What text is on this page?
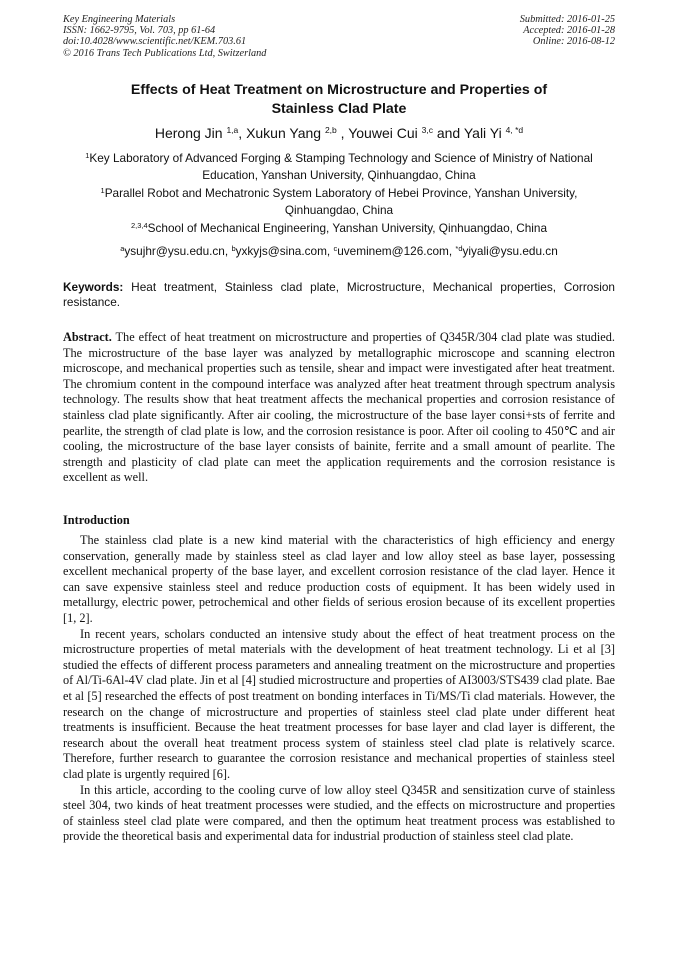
Key Engineering Materials
ISSN: 1662-9795, Vol. 703, pp 61-64
doi:10.4028/www.scientific.net/KEM.703.61
© 2016 Trans Tech Publications Ltd, Switzerland
Submitted: 2016-01-25
Accepted: 2016-01-28
Online: 2016-08-12
Effects of Heat Treatment on Microstructure and Properties of
Stainless Clad Plate
Herong Jin $^{1,a}$, Xukun Yang $^{2,b}$ , Youwei Cui $^{3,c}$ and Yali Yi $^{4, *d}$
$^1$Key Laboratory of Advanced Forging & Stamping Technology and Science of Ministry of National
Education, Yanshan University, Qinhuangdao, China
$^1$Parallel Robot and Mechatronic System Laboratory of Hebei Province, Yanshan University,
Qinhuangdao, China
$^{2,3,4}$School of Mechanical Engineering, Yanshan University, Qinhuangdao, China
$^a$ysujhr@ysu.edu.cn, $^b$yxkyjs@sina.com, $^c$uveminem@126.com, $^{*d}$yiyali@ysu.edu.cn
Keywords: Heat treatment, Stainless clad plate, Microstructure, Mechanical properties, Corrosion resistance.
Abstract. The effect of heat treatment on microstructure and properties of Q345R/304 clad plate was studied. The microstructure of the base layer was analyzed by metallographic microscope and scanning electron microscope, and mechanical properties such as tensile, shear and impact were investigated after heat treatment. The chromium content in the compound interface was analyzed after heat treatment through spectrum analysis technology. The results show that heat treatment affects the mechanical properties and corrosion resistance of stainless clad plate significantly. After air cooling, the microstructure of the base layer consi+sts of ferrite and pearlite, the strength of clad plate is low, and the corrosion resistance is poor. After oil cooling to 450℃ and air cooling, the microstructure of the base layer consists of bainite, ferrite and a small amount of pearlite. The strength and plasticity of clad plate can meet the application requirements and the corrosion resistance is excellent as well.
Introduction

The stainless clad plate is a new kind material with the characteristics of high efficiency and energy conservation, generally made by stainless steel as clad layer and low alloy steel as base layer, possessing excellent mechanical property of the base layer, and excellent corrosion resistance of the clad layer. Hence it can save expensive stainless steel and reduce production costs of equipment. It has been widely used in metallurgy, electric power, petrochemical and other fields of serious erosion because of its excellent properties [1, 2].

In recent years, scholars conducted an intensive study about the effect of heat treatment process on the microstructure properties of metal materials with the development of heat treatment technology. Li et al [3] studied the effects of different process parameters and annealing treatment on the microstructure and properties of Al/Ti-6Al-4V clad plate. Jin et al [4] studied microstructure and properties of AI3003/STS439 clad plate. Bae et al [5] researched the effects of post treatment on bonding interfaces in Ti/MS/Ti clad materials. However, the research on the change of microstructure and properties of stainless steel clad plate under different heat treatments is insufficient. Because the heat treatment processes for base layer and clad layer is different, the research about the overall heat treatment process system of stainless steel clad plate is relatively scarce. Therefore, further research to guarantee the corrosion resistance and mechanical properties of stainless steel clad plate is urgently required [6].

In this article, according to the cooling curve of low alloy steel Q345R and sensitization curve of stainless steel 304, two kinds of heat treatment processes were studied, and the effects on microstructure and properties of stainless steel clad plate were compared, and then the optimum heat treatment process was established to provide the theoretical basis and experimental data for industrial production of stainless steel clad plate.
